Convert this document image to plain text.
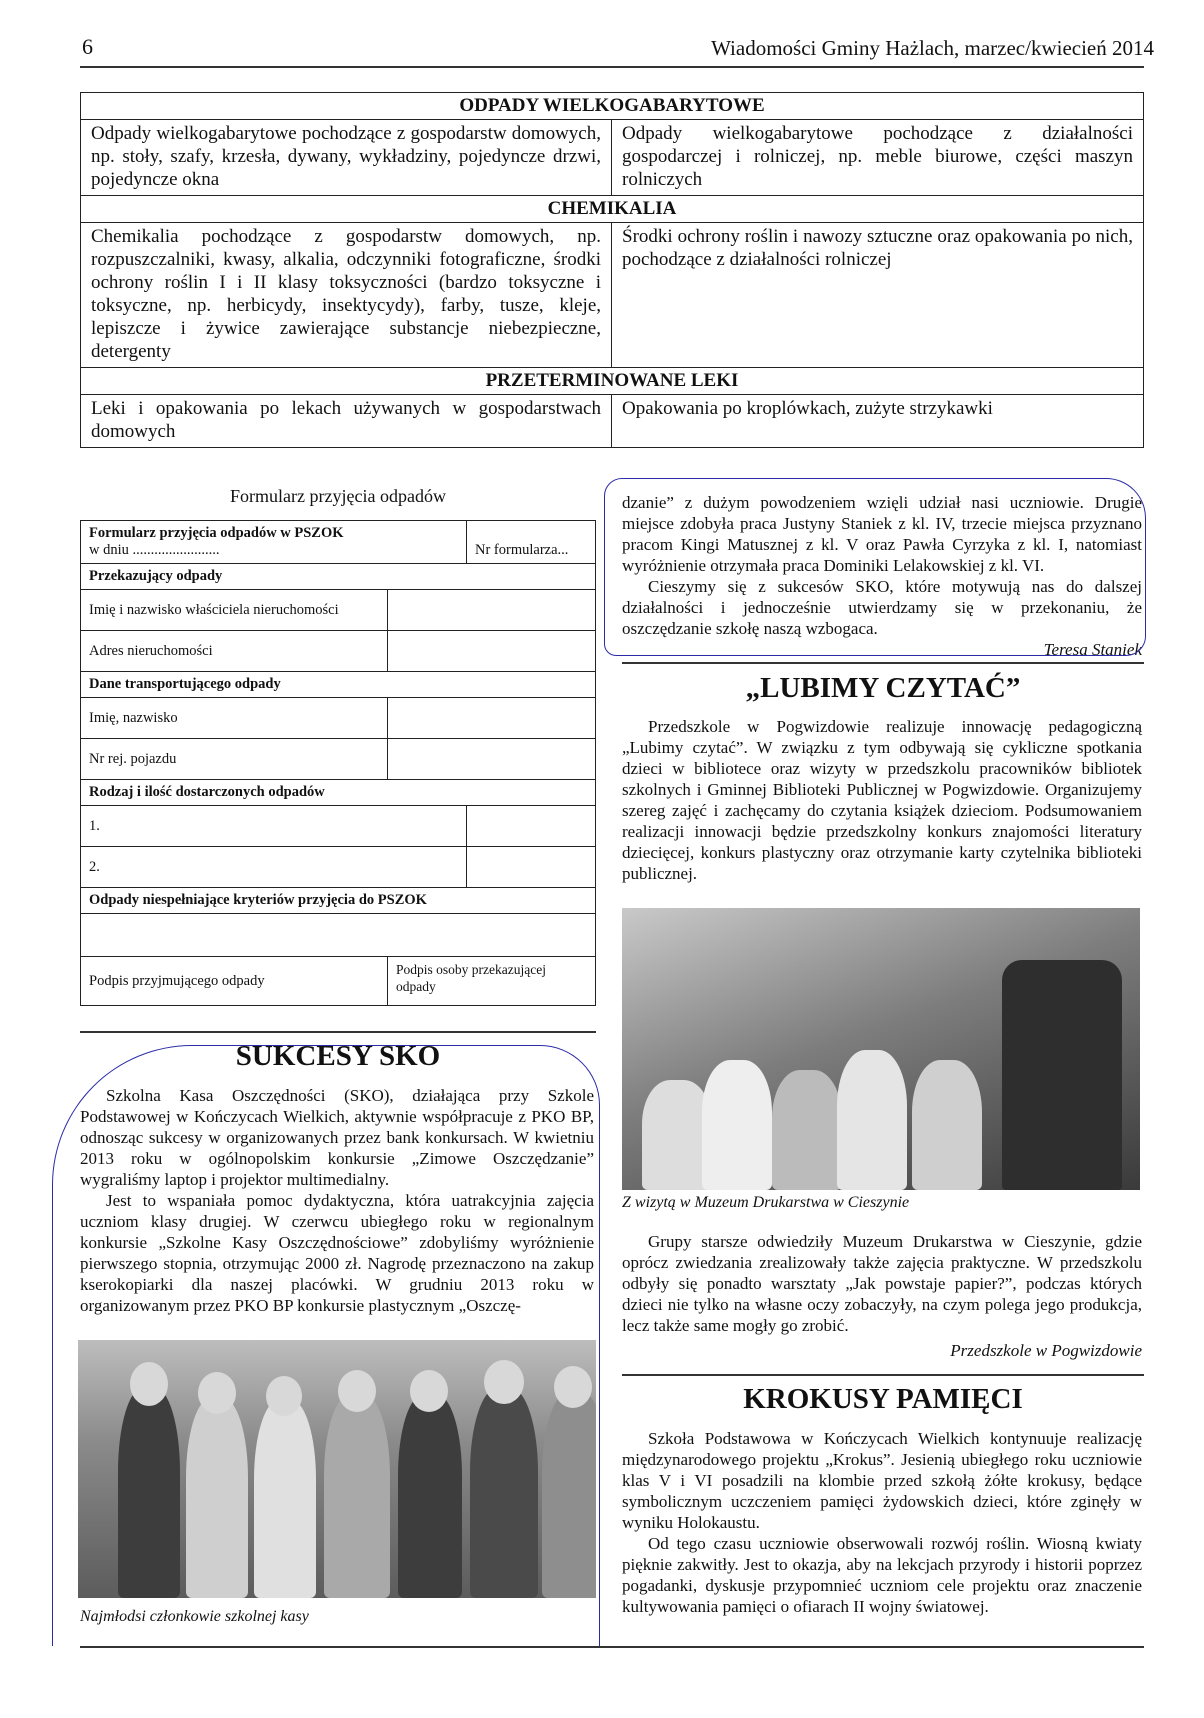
6	Wiadomości Gminy Hażlach, marzec/kwiecień 2014
ODPADY WIELKOGABARYTOWE	
Odpady wielkogabarytowe pochodzące z gospodarstw domowych, np. stoły, szafy, krzesła, dywany, wykładziny, pojedyncze drzwi, pojedyncze okna	Odpady wielkogabarytowe pochodzące z działalności gospodarczej i rolniczej, np. meble biurowe, części maszyn rolniczych
CHEMIKALIA	
Chemikalia pochodzące z gospodarstw domowych, np. rozpuszczalniki, kwasy, alkalia, odczynniki fotograficzne, środki ochrony roślin I i II klasy toksyczności (bardzo toksyczne i toksyczne, np. herbicydy, insektycydy), farby, tusze, kleje, lepiszcze i żywice zawierające substancje niebezpieczne, detergenty	Środki ochrony roślin i nawozy sztuczne oraz opakowania po nich, pochodzące z działalności rolniczej
PRZETERMINOWANE LEKI	
Leki i opakowania po lekach używanych w gospodarstwach domowych	Opakowania po kroplówkach, zużyte strzykawki
Formularz przyjęcia odpadów
Formularz przyjęcia odpadów w PSZOK
w dniu ........................		Nr formularza...
Przekazujący odpady		
Imię i nazwisko właściciela nieruchomości		
Adres nieruchomości		
Dane transportującego odpady		
Imię, nazwisko		
Nr rej. pojazdu		
Rodzaj i ilość dostarczonych odpadów		
1.		
2.		
Odpady niespełniające kryteriów przyjęcia do PSZOK		

Podpis przyjmującego odpady	Podpis osoby przekazującej odpady	
SUKCESY SKO

Szkolna Kasa Oszczędności (SKO), działająca przy Szkole Podstawowej w Kończycach Wielkich, aktywnie współpracuje z PKO BP, odnosząc sukcesy w organizowanych przez bank konkursach. W kwietniu 2013 roku w ogólnopolskim konkursie „Zimowe Oszczędzanie” wygraliśmy laptop i projektor multimedialny.

Jest to wspaniała pomoc dydaktyczna, która uatrakcyjnia zajęcia uczniom klasy drugiej. W czerwcu ubiegłego roku w regionalnym konkursie „Szkolne Kasy Oszczędnościowe” zdobyliśmy wyróżnienie pierwszego stopnia, otrzymując 2000 zł. Nagrodę przeznaczono na zakup kserokopiarki dla naszej placówki. W grudniu 2013 roku w organizowanym przez PKO BP konkursie plastycznym „Oszczę-

Najmłodsi członkowie szkolnej kasy

dzanie” z dużym powodzeniem wzięli udział nasi uczniowie. Drugie miejsce zdobyła praca Justyny Staniek z kl. IV, trzecie miejsca przyznano pracom Kingi Matusznej z kl. V oraz Pawła Cyrzyka z kl. I, natomiast wyróżnienie otrzymała praca Dominiki Lelakowskiej z kl. VI.

Cieszymy się z sukcesów SKO, które motywują nas do dalszej działalności i jednocześnie utwierdzamy się w przekonaniu, że oszczędzanie szkołę naszą wzbogaca.

Teresa Staniek
„LUBIMY CZYTAĆ”

Przedszkole w Pogwizdowie realizuje innowację pedagogiczną „Lubimy czytać”. W związku z tym odbywają się cykliczne spotkania dzieci w bibliotece oraz wizyty w przedszkolu pracowników bibliotek szkolnych i Gminnej Biblioteki Publicznej w Pogwizdowie. Organizujemy szereg zajęć i zachęcamy do czytania książek dzieciom. Podsumowaniem realizacji innowacji będzie przedszkolny konkurs znajomości literatury dziecięcej, konkurs plastyczny oraz otrzymanie karty czytelnika biblioteki publicznej.

Z wizytą w Muzeum Drukarstwa w Cieszynie

Grupy starsze odwiedziły Muzeum Drukarstwa w Cieszynie, gdzie oprócz zwiedzania zrealizowały także zajęcia praktyczne. W przedszkolu odbyły się ponadto warsztaty „Jak powstaje papier?”, podczas których dzieci nie tylko na własne oczy zobaczyły, na czym polega jego produkcja, lecz także same mogły go zrobić.

Przedszkole w Pogwizdowie
KROKUSY PAMIĘCI

Szkoła Podstawowa w Kończycach Wielkich kontynuuje realizację międzynarodowego projektu „Krokus”. Jesienią ubiegłego roku uczniowie klas V i VI posadzili na klombie przed szkołą żółte krokusy, będące symbolicznym uczczeniem pamięci żydowskich dzieci, które zginęły w wyniku Holokaustu.

Od tego czasu uczniowie obserwowali rozwój roślin. Wiosną kwiaty pięknie zakwitły. Jest to okazja, aby na lekcjach przyrody i historii poprzez pogadanki, dyskusje przypomnieć uczniom cele projektu oraz znaczenie kultywowania pamięci o ofiarach II wojny światowej.
